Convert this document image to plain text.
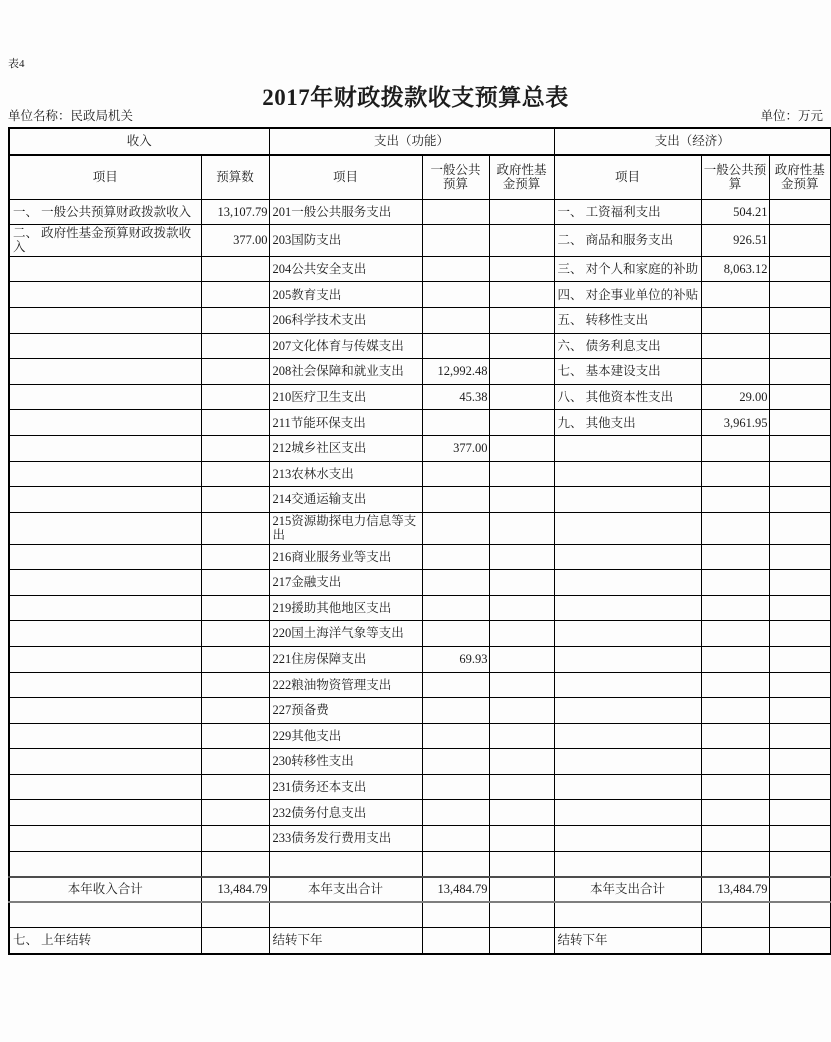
表4
2017年财政拨款收支预算总表
单位名称：民政局机关	单位：万元
收入		支出（功能）			支出（经济）		
项目	预算数	项目	一般公共预算	政府性基金预算	项目	一般公共预算	政府性基金预算
一、 一般公共预算财政拨款收入	13,107.79	201一般公共服务支出			一、 工资福利支出	504.21	
二、 政府性基金预算财政拨款收入	377.00	203国防支出			二、 商品和服务支出	926.51	
		204公共安全支出			三、 对个人和家庭的补助	8,063.12	
		205教育支出			四、 对企事业单位的补贴		
		206科学技术支出			五、 转移性支出		
		207文化体育与传媒支出			六、 债务利息支出		
		208社会保障和就业支出	12,992.48		七、 基本建设支出		
		210医疗卫生支出	45.38		八、 其他资本性支出	29.00	
		211节能环保支出			九、 其他支出	3,961.95	
		212城乡社区支出	377.00				
		213农林水支出					
		214交通运输支出					
		215资源勘探电力信息等支出					
		216商业服务业等支出					
		217金融支出					
		219援助其他地区支出					
		220国土海洋气象等支出					
		221住房保障支出	69.93				
		222粮油物资管理支出					
		227预备费					
		229其他支出					
		230转移性支出					
		231债务还本支出					
		232债务付息支出					
		233债务发行费用支出					

本年收入合计	13,484.79	本年支出合计	13,484.79		本年支出合计	13,484.79	

七、 上年结转		结转下年			结转下年		
